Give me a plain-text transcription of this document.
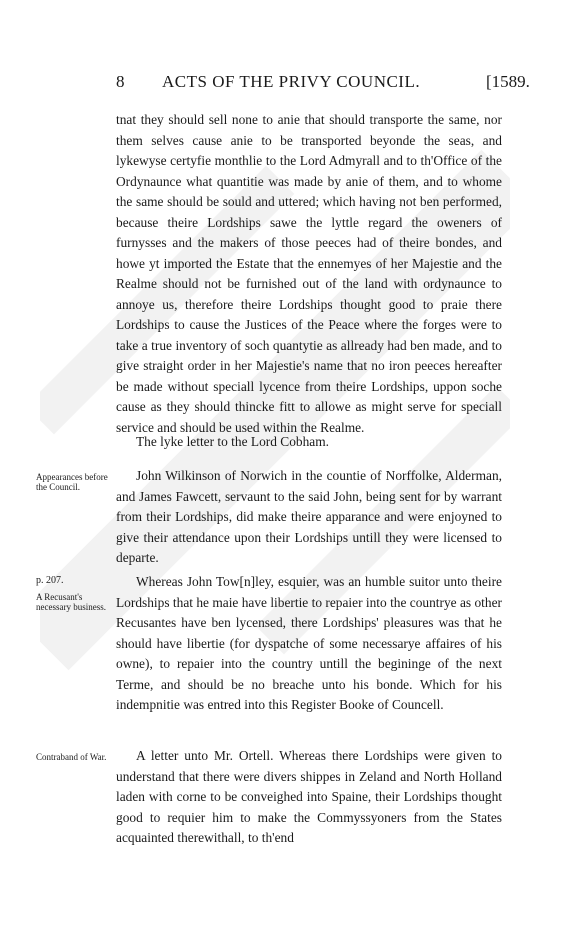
8 ACTS OF THE PRIVY COUNCIL.	[1589.

tnat they should sell none to anie that should transporte the same, nor them selves cause anie to be transported beyonde the seas, and lykewyse certyfie monthlie to the Lord Admyrall and to th'Office of the Ordynaunce what quantitie was made by anie of them, and to whome the same should be sould and uttered; which having not ben performed, because theire Lordships sawe the lyttle regard the oweners of furnysses and the makers of those peeces had of theire bondes, and howe yt imported the Estate that the ennemyes of her Majestie and the Realme should not be furnished out of the land with ordynaunce to annoye us, therefore theire Lordships thought good to praie there Lordships to cause the Justices of the Peace where the forges were to take a true inventory of soch quantytie as allready had ben made, and to give straight order in her Majestie's name that no iron peeces hereafter be made without speciall lycence from theire Lordships, uppon soche cause as they should thincke fitt to allowe as might serve for speciall service and should be used within the Realme.

The lyke letter to the Lord Cobham.

Appearances before the Council.

John Wilkinson of Norwich in the countie of Norffolke, Alderman, and James Fawcett, servaunt to the said John, being sent for by warrant from their Lordships, did make theire apparance and were enjoyned to give their attendance upon their Lordships untill they were licensed to departe.

p. 207.

A Recusant's necessary business.

Whereas John Tow[n]ley, esquier, was an humble suitor unto theire Lordships that he maie have libertie to repaier into the countrye as other Recusantes have ben lycensed, there Lordships' pleasures was that he should have libertie (for dyspatche of some necessarye affaires of his owne), to repaier into the country untill the begininge of the next Terme, and should be no breache unto his bonde. Which for his indempnitie was entred into this Register Booke of Councell.

Contraband of War.	A letter unto Mr. Ortell. Whereas there Lordships were given to understand that there were divers shippes in Zeland and North Holland laden with corne to be conveighed into Spaine, their Lordships thought good to requier him to make the Commyssyoners from the States acquainted therewithall, to th'end
